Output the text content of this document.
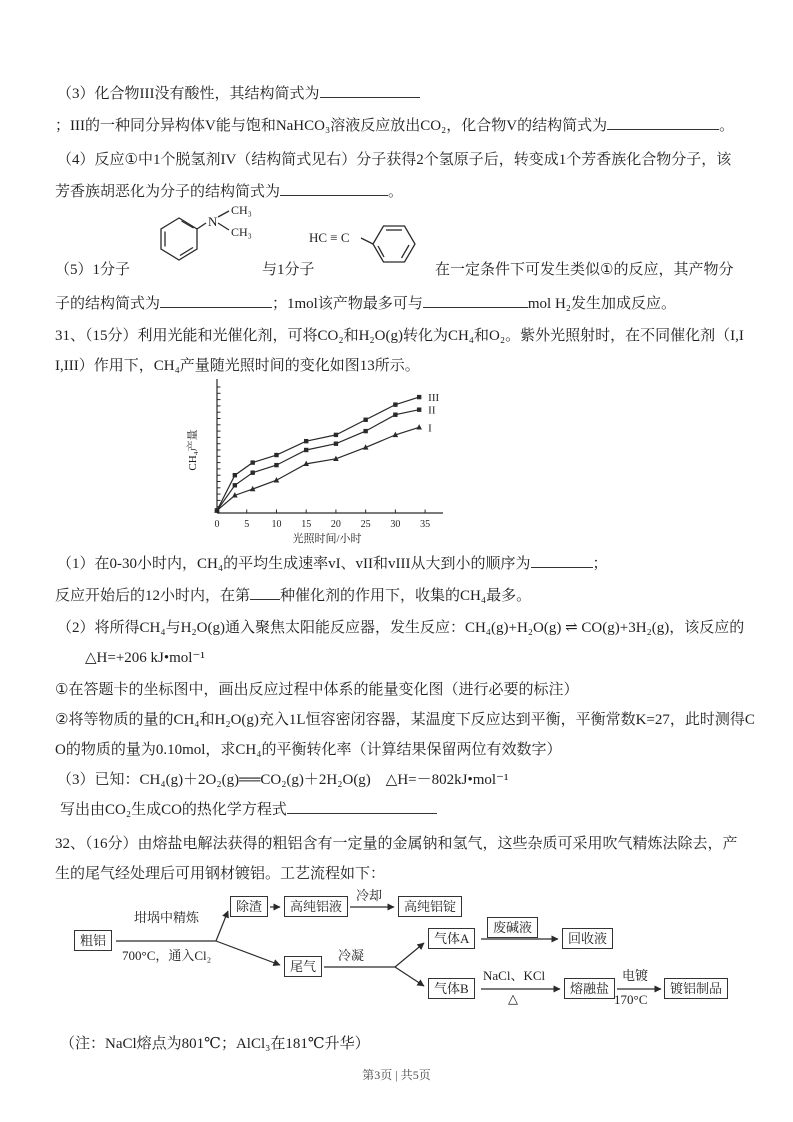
（3）化合物III没有酸性，其结构简式为
；III的一种同分异构体V能与饱和NaHCO₃溶液反应放出CO₂，化合物V的结构简式为	。
（4）反应①中1个脱氢剂IV（结构简式见右）分子获得2个氢原子后，转变成1个芳香族化合物分子，该
芳香族胡恶化为分子的结构简式为	。
（5）1分子
N
CH₃
CH₃
与1分子
HC ≡ C
在一定条件下可发生类似①的反应，其产物分
子的结构简式为	；1mol该产物最多可与	mol H₂发生加成反应。
31、（15分）利用光能和光催化剂，可将CO₂和H₂O(g)转化为CH₄和O₂。紫外光照射时，在不同催化剂（I,I
I,III）作用下，CH₄产量随光照时间的变化如图13所示。
0 5 10 15 20 25 30 35
光照时间/小时
CH₄产量
III
II
I
（1）在0-30小时内，CH₄的平均生成速率vI、vII和vIII从大到小的顺序为	；
反应开始后的12小时内，在第 种催化剂的作用下，收集的CH₄最多。
（2）将所得CH₄与H₂O(g)通入聚焦太阳能反应器，发生反应：CH₄(g)+H₂O(g) ⇌ CO(g)+3H₂(g)，该反应的
△H=+206 kJ•mol⁻¹
①在答题卡的坐标图中，画出反应过程中体系的能量变化图（进行必要的标注）
②将等物质的量的CH₄和H₂O(g)充入1L恒容密闭容器，某温度下反应达到平衡，平衡常数K=27，此时测得C
O的物质的量为0.10mol，求CH₄的平衡转化率（计算结果保留两位有效数字）
（3）已知：CH₄(g)＋2O₂(g)══CO₂(g)＋2H₂O(g)　△H=－802kJ•mol⁻¹
写出由CO₂生成CO的热化学方程式
32、（16分）由熔盐电解法获得的粗铝含有一定量的金属钠和氢气，这些杂质可采用吹气精炼法除去，产
生的尾气经处理后可用钢材镀铝。工艺流程如下：
粗铝
除渣	高纯铝液	高纯铝锭
尾气
气体A
废碱液
回收液
气体B	熔融盐	镀铝制品
坩埚中精炼
700°C，通入Cl₂
冷却
冷凝
NaCl、KCl
△
电镀
170°C
（注：NaCl熔点为801℃；AlCl₃在181℃升华）
第3页 | 共5页
